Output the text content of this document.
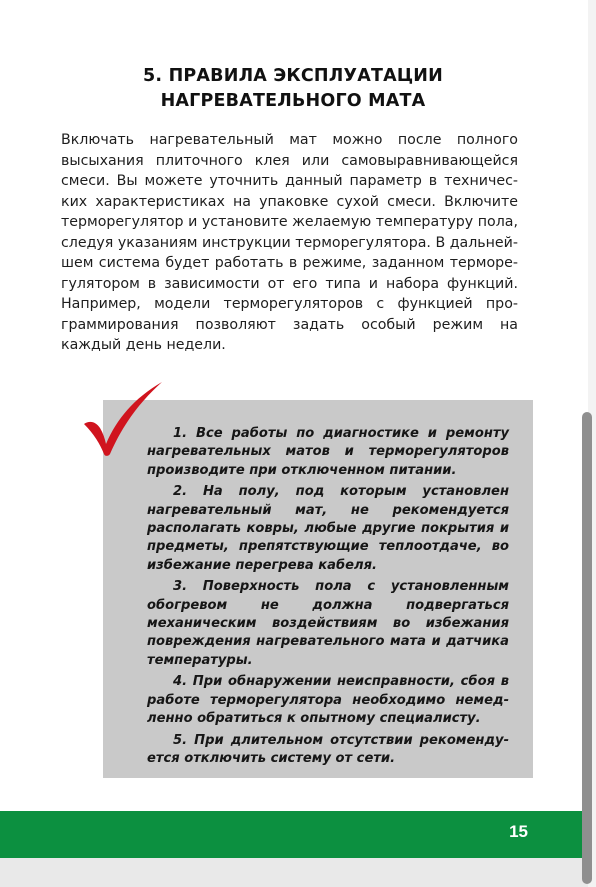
5. ПРАВИЛА ЭКСПЛУАТАЦИИ
НАГРЕВАТЕЛЬНОГО МАТА
Включать нагревательный мат можно после полного высыхания плиточного клея или самовыравнивающейся смеси. Вы можете уточнить данный параметр в технических характеристиках на упаковке сухой смеси. Включите терморегулятор и установите желаемую температуру пола, следуя указаниям инструкции терморегулятора. В дальнейшем система будет работать в режиме, заданном терморегулятором в зависимости от его типа и набора функций. Например, модели терморегуляторов с функцией программирования позволяют задать особый режим на каждый день недели.

1. Все работы по диагностике и ремонту нагревательных матов и терморегуляторов производите при отключенном питании.

2. На полу, под которым установлен нагревательный мат, не рекомендуется располагать ковры, любые другие покрытия и предметы, препятствующие теплоотдаче, во избежание перегрева кабеля.

3. Поверхность пола с установленным обогревом не должна подвергаться механическим воздействиям во избежания повреждения нагревательного мата и датчика температуры.

4. При обнаружении неисправности, сбоя в работе терморегулятора необходимо немедленно обратиться к опытному специалисту.

5. При длительном отсутствии рекомендуется отключить систему от сети.

15
